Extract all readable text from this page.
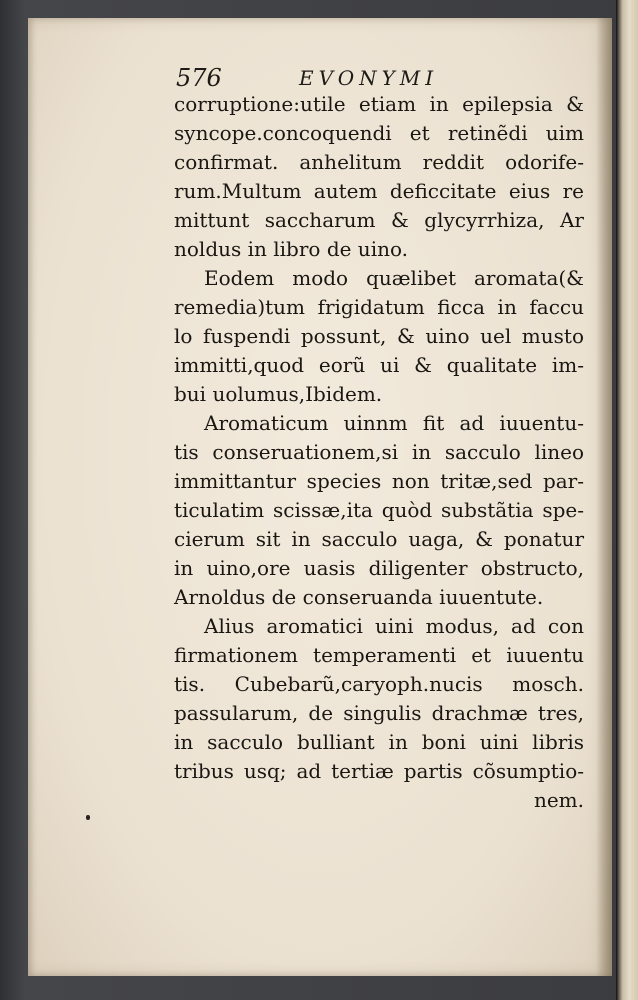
576	EVONYMI
corruptione:utile etiam in epilepsia &
syncope.concoquendi et retinẽdi uim
confirmat. anhelitum reddit odorife-
rum.Multum autem deficcitate eius re
mittunt saccharum & glycyrrhiza, Ar
noldus in libro de uino.
Eodem modo quælibet aromata(&
remedia)tum frigidatum ficca in faccu
lo fuspendi possunt, & uino uel musto
immitti,quod eorũ ui & qualitate im-
bui uolumus,Ibidem.
Aromaticum uinnm fit ad iuuentu-
tis conseruationem,si in sacculo lineo
immittantur species non tritæ,sed par-
ticulatim scissæ,ita quòd substãtia spe-
cierum sit in sacculo uaga, & ponatur
in uino,ore uasis diligenter obstructo,
Arnoldus de conseruanda iuuentute.
Alius aromatici uini modus, ad con
firmationem temperamenti et iuuentu
tis. Cubebarũ,caryoph.nucis mosch.
passularum, de singulis drachmæ tres,
in sacculo bulliant in boni uini libris
tribus usq; ad tertiæ partis cõsumptio-
nem.
